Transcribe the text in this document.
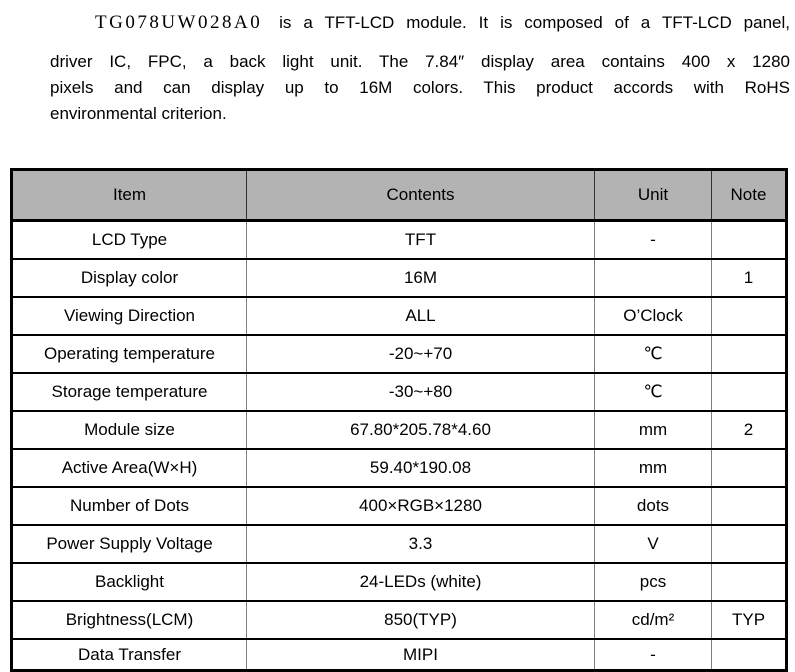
TG078UW028A0 is a TFT-LCD module. It is composed of a TFT-LCD panel,
driver IC, FPC, a back light unit. The 7.84″ display area contains 400 x 1280
pixels and can display up to 16M colors. This product accords with RoHS
environmental criterion.
Item	Contents	Unit	Note
LCD Type	TFT	-	
Display color	16M		1
Viewing Direction	ALL	O’Clock	
Operating temperature	-20~+70	℃	
Storage temperature	-30~+80	℃	
Module size	67.80*205.78*4.60	mm	2
Active Area(W×H)	59.40*190.08	mm	
Number of Dots	400×RGB×1280	dots	
Power Supply Voltage	3.3	V	
Backlight	24-LEDs (white)	pcs	
Brightness(LCM)	850(TYP)	cd/m²	TYP
Data Transfer	MIPI	-	
